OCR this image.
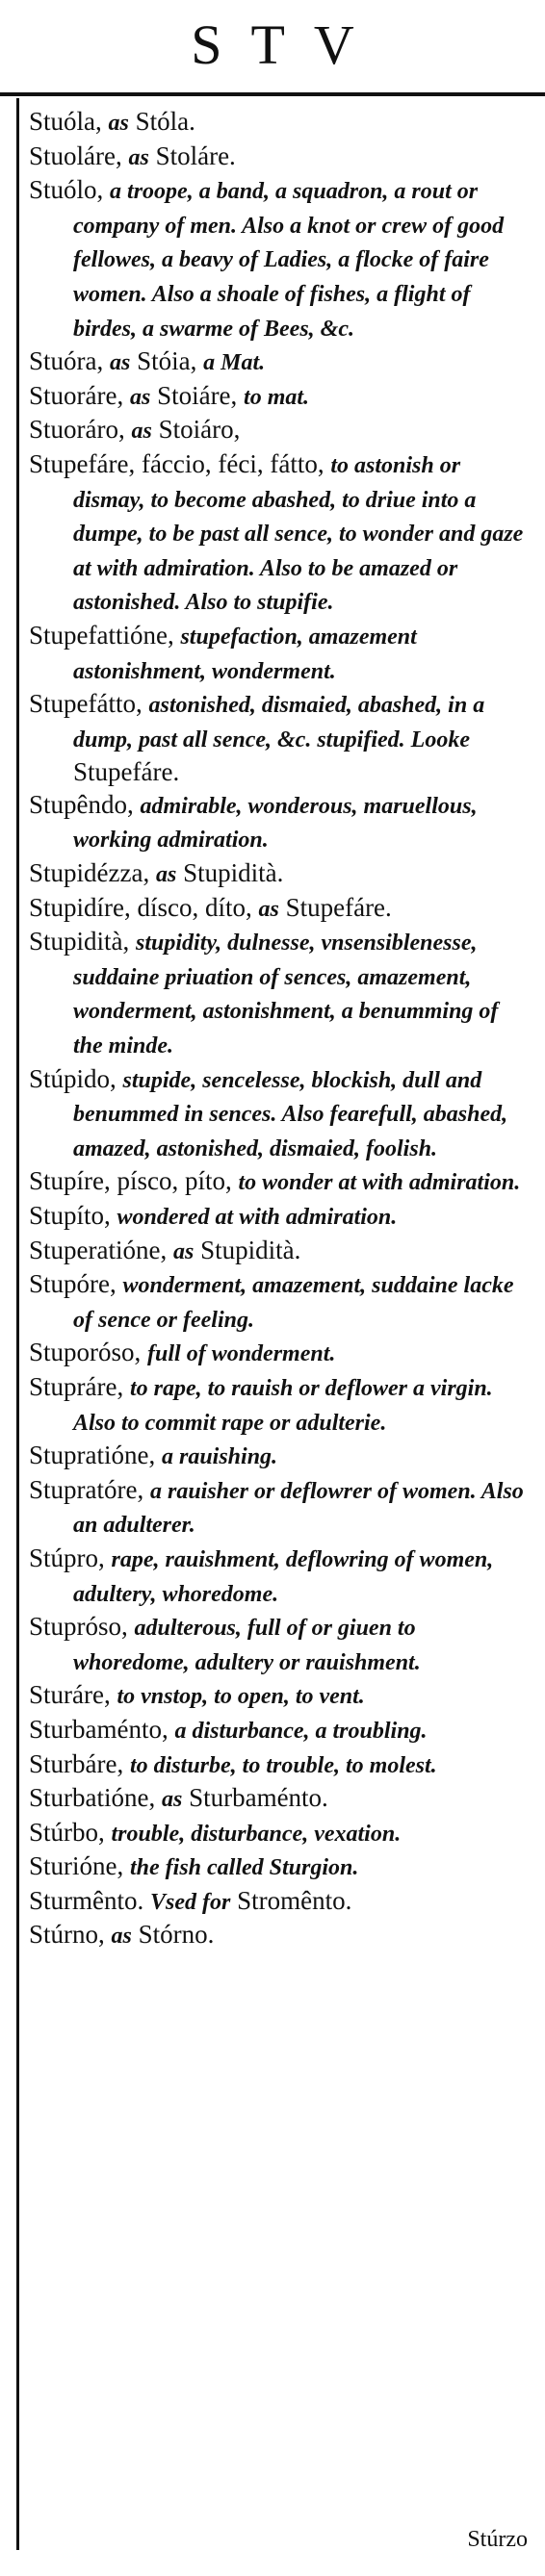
S T V

Stuóla, as Stóla.

Stuoláre, as Stoláre.

Stuólo, a troope, a band, a squadron, a rout or company of men. Also a knot or crew of good fellowes, a beavy of Ladies, a flocke of faire women. Also a shoale of fishes, a flight of birdes, a swarme of Bees, &c.

Stuóra, as Stóia, a Mat.

Stuoráre, as Stoiáre, to mat.

Stuoráro, as Stoiáro,

Stupefáre, fáccio, féci, fátto, to astonish or dismay, to become abashed, to driue into a dumpe, to be past all sence, to wonder and gaze at with admiration. Also to be amazed or astonished. Also to stupifie.

Stupefattióne, stupefaction, amazement astonishment, wonderment.

Stupefátto, astonished, dismaied, abashed, in a dump, past all sence, &c. stupified. Looke Stupefáre.

Stupêndo, admirable, wonderous, maruellous, working admiration.

Stupidézza, as Stupidità.

Stupidíre, dísco, díto, as Stupefáre.

Stupidità, stupidity, dulnesse, vnsensiblenesse, suddaine priuation of sences, amazement, wonderment, astonishment, a benumming of the minde.

Stúpido, stupide, sencelesse, blockish, dull and benummed in sences. Also fearefull, abashed, amazed, astonished, dismaied, foolish.

Stupíre, písco, píto, to wonder at with admiration.

Stupíto, wondered at with admiration.

Stuperatióne, as Stupidità.

Stupóre, wonderment, amazement, suddaine lacke of sence or feeling.

Stuporóso, full of wonderment.

Stupráre, to rape, to rauish or deflower a virgin. Also to commit rape or adulterie.

Stupratióne, a rauishing.

Stupratóre, a rauisher or deflowrer of women. Also an adulterer.

Stúpro, rape, rauishment, deflowring of women, adultery, whoredome.

Stupróso, adulterous, full of or giuen to whoredome, adultery or rauishment.

Sturáre, to vnstop, to open, to vent.

Sturbaménto, a disturbance, a troubling.

Sturbáre, to disturbe, to trouble, to molest.

Sturbatióne, as Sturbaménto.

Stúrbo, trouble, disturbance, vexation.

Sturióne, the fish called Sturgion.

Sturmênto. Vsed for Stromênto.

Stúrno, as Stórno.

Stúrzo
